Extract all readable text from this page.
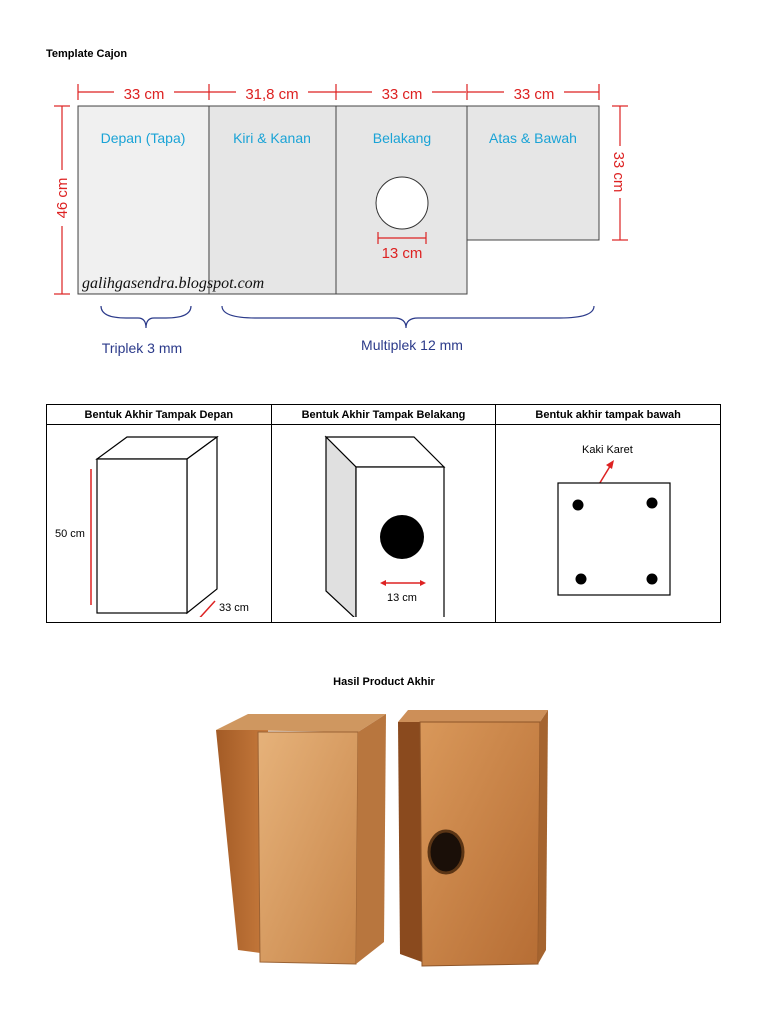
Template Cajon
33 cm	31,8 cm	33 cm	33 cm
46 cm
33 cm
Depan (Tapa)	Kiri & Kanan	Belakang	Atas & Bawah
13 cm
galihgasendra.blogspot.com
Triplek 3 mm	Multiplek 12 mm
Bentuk Akhir Tampak Depan	Bentuk Akhir Tampak Belakang	Bentuk akhir tampak bawah

50 cm
33 cm	13 cm	Kaki Karet
Hasil Product Akhir
